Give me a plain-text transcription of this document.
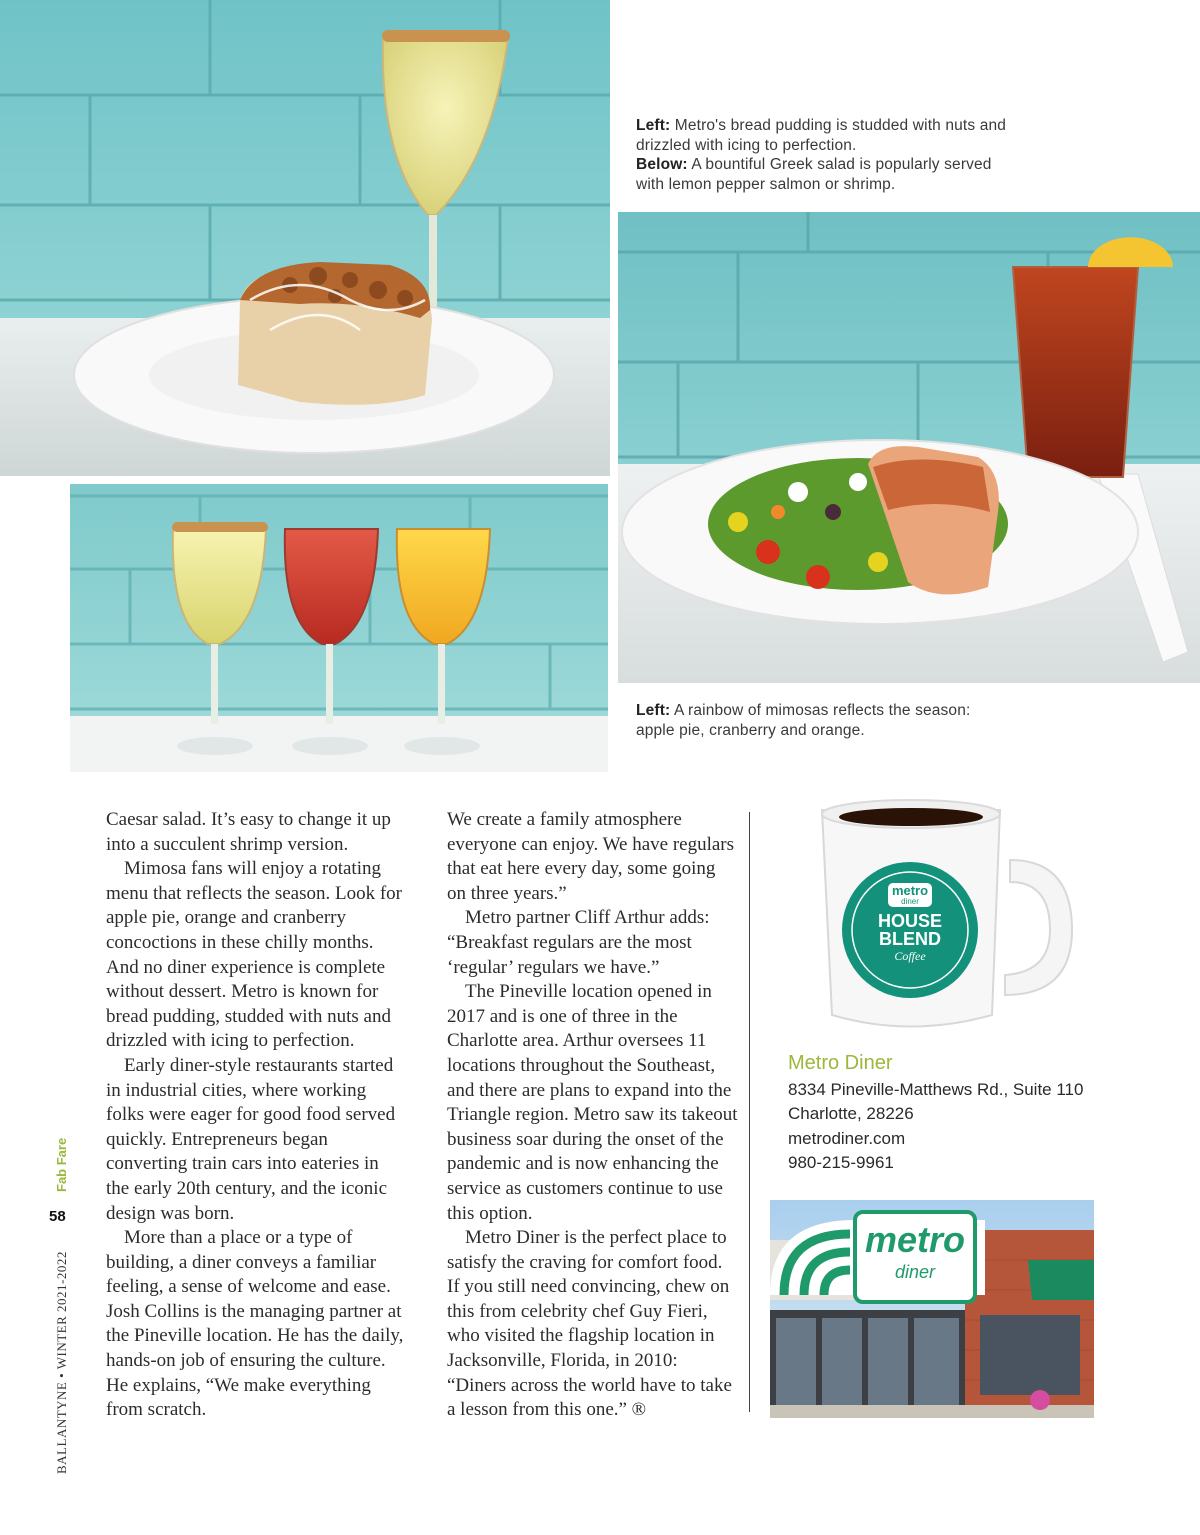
Left: Metro's bread pudding is studded with nuts and drizzled with icing to perfection.
Below: A bountiful Greek salad is popularly served with lemon pepper salmon or shrimp.
Left: A rainbow of mimosas reflects the season: apple pie, cranberry and orange.

Caesar salad. It’s easy to change it up into a succulent shrimp version.

Mimosa fans will enjoy a rotating menu that reflects the season. Look for apple pie, orange and cranberry concoctions in these chilly months. And no diner experience is complete without dessert. Metro is known for bread pudding, studded with nuts and drizzled with icing to perfection.

Early diner-style restaurants started in industrial cities, where working folks were eager for good food served quickly. Entrepreneurs began converting train cars into eateries in the early 20th century, and the iconic design was born.

More than a place or a type of building, a diner conveys a familiar feeling, a sense of welcome and ease. Josh Collins is the managing partner at the Pineville location. He has the daily, hands-on job of ensuring the culture. He explains, “We make everything from scratch.

We create a family atmosphere everyone can enjoy. We have regulars that eat here every day, some going on three years.”

Metro partner Cliff Arthur adds: “Breakfast regulars are the most ‘regular’ regulars we have.”

The Pineville location opened in 2017 and is one of three in the Charlotte area. Arthur oversees 11 locations throughout the Southeast, and there are plans to expand into the Triangle region. Metro saw its takeout business soar during the onset of the pandemic and is now enhancing the service as customers continue to use this option.

Metro Diner is the perfect place to satisfy the craving for comfort food. If you still need convincing, chew on this from celebrity chef Guy Fieri, who visited the flagship location in Jacksonville, Florida, in 2010: “Diners across the world have to take a lesson from this one.” ®

metro
diner
HOUSE
BLEND
Coffee
Metro Diner
8334 Pineville-Matthews Rd., Suite 110
Charlotte, 28226
metrodiner.com
980-215-9961
metro
diner
Fab Fare
58
BALLANTYNE • WINTER 2021-2022
